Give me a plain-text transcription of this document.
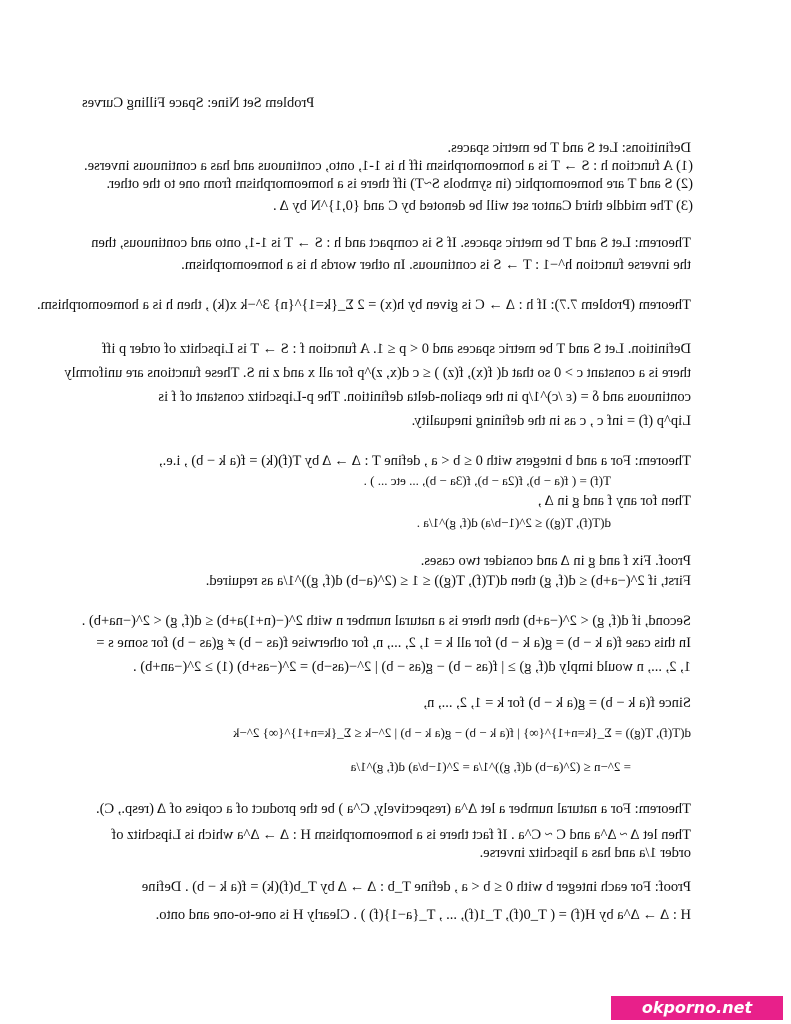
Problem Set Nine: Space Filling Curves
Definitions: Let S and T be metric spaces.
(1) A function h : S → T is a homeomorphism iff h is 1-1, onto, continuous and has a continuous inverse.
(2) S and T are homeomorphic (in symbols S~T) iff there is a homeomorphism from one to the other.
(3) The middle third Cantor set will be denoted by C and {0,1}^N by Δ .
Theorem: Let S and T be metric spaces. If S is compact and h : S → T is 1-1, onto and continuous, then
the inverse function h^−1 : T → S is continuous. In other words h is a homeomorphism.
Theorem (Problem 7.7): If h : Δ → C is given by h(x) = 2 Σ_{k=1}^{n} 3^−k x(k) , then h is a homeomorphism.
Definition. Let S and T be metric spaces and 0 < p ≤ 1. A function f : S → T is Lipschitz of order p iff
there is a constant c > 0 so that d( f(x), f(z) ) ≤ c d(x, z)^p for all x and z in S. These functions are uniformly
continuous and δ = (ε /c)^1/p in the epsilon-delta definition. The p-Lipschitz constant of f is
Lip^p (f) = inf c , c as in the defining inequality.
Theorem: For a and b integers with 0 ≤ b < a , define T : Δ → Δ by T(f)(k) = f(a k − b) , i.e.,
T(f) = ( f(a − b), f(2a − b), f(3a − b), ... etc ... ) .
Then for any f and g in Δ ,
d(T(f), T(g)) ≤ 2^(1−b/a) d(f, g)^1/a .
Proof. Fix f and g in Δ and consider two cases.
First, if 2^(−a+b) ≤ d(f, g) then d(T(f), T(g)) ≤ 1 ≤ (2^(a−b) d(f, g))^1/a as required.
Second, if d(f, g) < 2^(−a+b) then there is a natural number n with 2^(−(n+1)a+b) ≤ d(f, g) < 2^(−na+b) .
In this case f(a k − b) = g(a k − b) for all k = 1, 2, ..., n, for otherwise f(as − b) ≠ g(as − b) for some s =
1, 2, ..., n would imply d(f, g) ≥ | f(as − b) − g(as − b) | 2^−(as−b) = 2^(−as+b) (1) ≥ 2^(−an+b) .
Since f(a k − b) = g(a k − b) for k = 1, 2, ..., n,
d(T(f), T(g)) = Σ_{k=n+1}^{∞} | f(a k − b) − g(a k − b) | 2^−k ≤ Σ_{k=n+1}^{∞} 2^−k
= 2^−n ≤ (2^(a−b) d(f, g))^1/a = 2^(1−b/a) d(f, g)^1/a
Theorem: For a natural number a let Δ^a (respectively, C^a ) be the product of a copies of Δ (resp., C).
Then let Δ ~ Δ^a and C ~ C^a . If fact there is a homeomorphism H : Δ → Δ^a which is Lipschitz of
order 1/a and has a lipschitz inverse.
Proof: For each integer b with 0 ≤ b < a , define T_b : Δ → Δ by T_b(f)(k) = f(a k − b) . Define
H : Δ → Δ^a by H(f) = ( T_0(f), T_1(f), ... , T_{a−1}(f) ) . Clearly H is one-to-one and onto.
okporno.net
